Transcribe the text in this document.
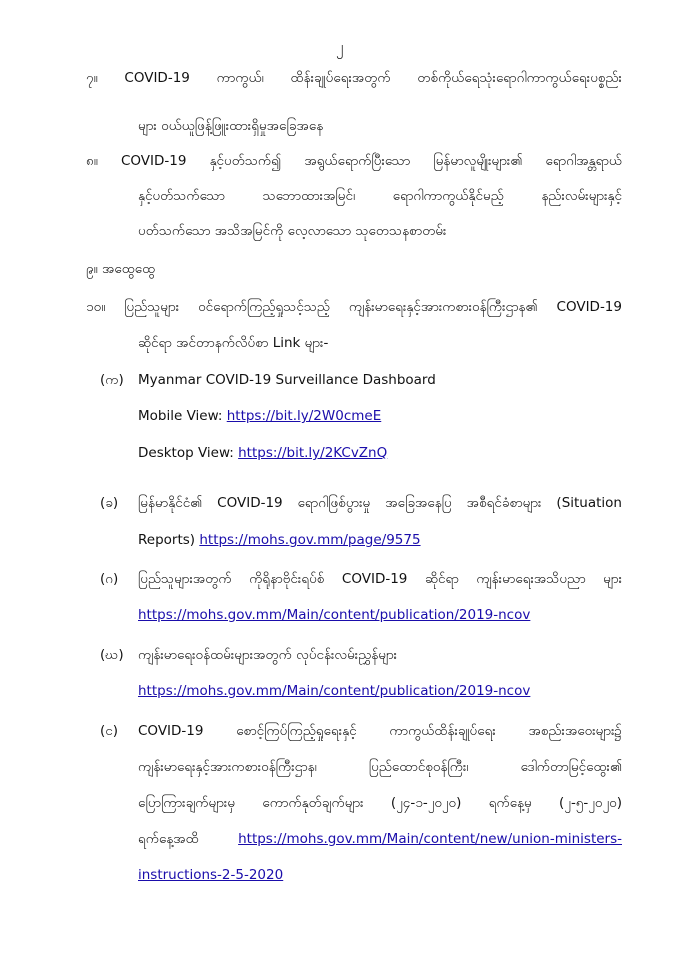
၂
၇။ COVID-19 ကာကွယ်၊ ထိန်းချုပ်ရေးအတွက် တစ်ကိုယ်ရေသုံးရောဂါကာကွယ်ရေးပစ္စည်း
များ ဝယ်ယူဖြန့်ဖြူးထားရှိမှုအခြေအနေ
၈။ COVID-19 နှင့်ပတ်သက်၍ အရွယ်ရောက်ပြီးသော မြန်မာလူမျိုးများ၏ ရောဂါအန္တရာယ်
နှင့်ပတ်သက်သော သဘောထားအမြင်၊ ရောဂါကာကွယ်နိုင်မည့် နည်းလမ်းများနှင့်
ပတ်သက်သော အသိအမြင်ကို လေ့လာသော သုတေသနစာတမ်း
၉။ အထွေထွေ
၁၀။ ပြည်သူများ ဝင်ရောက်ကြည့်ရှုသင့်သည့် ကျန်းမာရေးနှင့်အားကစားဝန်ကြီးဌာန၏ COVID-19
ဆိုင်ရာ အင်တာနက်လိပ်စာ Link များ-
(က) Myanmar COVID-19 Surveillance Dashboard
Mobile View: https://bit.ly/2W0cmeE
Desktop View: https://bit.ly/2KCvZnQ
(ခ) မြန်မာနိုင်ငံ၏ COVID-19 ရောဂါဖြစ်ပွားမှု အခြေအနေပြ အစီရင်ခံစာများ (Situation
Reports) https://mohs.gov.mm/page/9575
(ဂ) ပြည်သူများအတွက် ကိုရိုနာဗိုင်းရပ်စ် COVID-19 ဆိုင်ရာ ကျန်းမာရေးအသိပညာ များ
https://mohs.gov.mm/Main/content/publication/2019-ncov
(ဃ) ကျန်းမာရေးဝန်ထမ်းများအတွက် လုပ်ငန်းလမ်းညွှန်များ
https://mohs.gov.mm/Main/content/publication/2019-ncov
(င) COVID-19 စောင့်ကြပ်ကြည့်ရှုရေးနှင့် ကာကွယ်ထိန်းချုပ်ရေး အစည်းအဝေးများ၌
ကျန်းမာရေးနှင့်အားကစားဝန်ကြီးဌာန၊ ပြည်ထောင်စုဝန်ကြီး၊ ဒေါက်တာမြင့်ထွေး၏
ပြောကြားချက်များမှ ကောက်နုတ်ချက်များ (၂၄-၁-၂၀၂၀) ရက်နေ့မှ (၂-၅-၂၀၂၀)
ရက်နေ့အထိ	https://mohs.gov.mm/Main/content/new/union-ministers-
instructions-2-5-2020
